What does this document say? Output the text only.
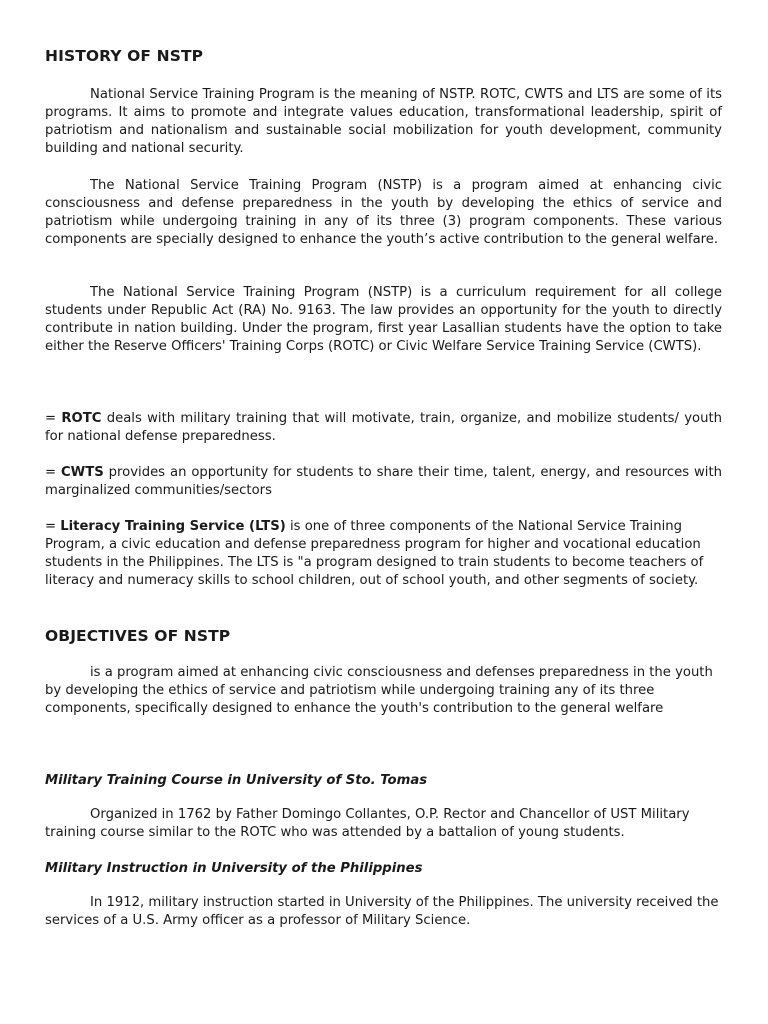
HISTORY OF NSTP

National Service Training Program is the meaning of NSTP. ROTC, CWTS and LTS are some of its programs. It aims to promote and integrate values education, transformational leadership, spirit of patriotism and nationalism and sustainable social mobilization for youth development, community building and national security.

The National Service Training Program (NSTP) is a program aimed at enhancing civic consciousness and defense preparedness in the youth by developing the ethics of service and patriotism while undergoing training in any of its three (3) program components. These various components are specially designed to enhance the youth’s active contribution to the general welfare.

The National Service Training Program (NSTP) is a curriculum requirement for all college students under Republic Act (RA) No. 9163. The law provides an opportunity for the youth to directly contribute in nation building. Under the program, first year Lasallian students have the option to take either the Reserve Officers' Training Corps (ROTC) or Civic Welfare Service Training Service (CWTS).

= ROTC deals with military training that will motivate, train, organize, and mobilize students/ youth for national defense preparedness.

= CWTS provides an opportunity for students to share their time, talent, energy, and resources with marginalized communities/sectors

= Literacy Training Service (LTS) is one of three components of the National Service Training Program, a civic education and defense preparedness program for higher and vocational education students in the Philippines. The LTS is "a program designed to train students to become teachers of literacy and numeracy skills to school children, out of school youth, and other segments of society.

OBJECTIVES OF NSTP

is a program aimed at enhancing civic consciousness and defenses preparedness in the youth by developing the ethics of service and patriotism while undergoing training any of its three components, specifically designed to enhance the youth's contribution to the general welfare

Military Training Course in University of Sto. Tomas

Organized in 1762 by Father Domingo Collantes, O.P. Rector and Chancellor of UST Military training course similar to the ROTC who was attended by a battalion of young students.

Military Instruction in University of the Philippines

In 1912, military instruction started in University of the Philippines. The university received the services of a U.S. Army officer as a professor of Military Science.
